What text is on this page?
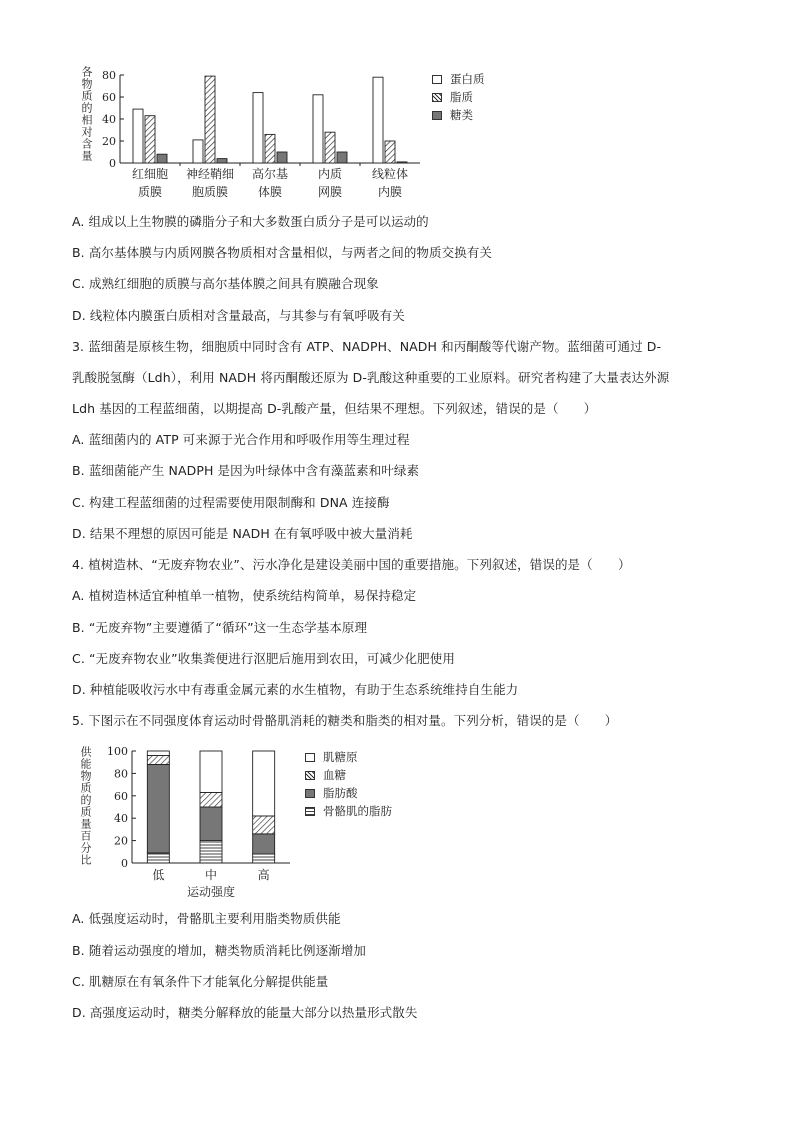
各物质的相对含量
0
20
40
60
80
红细胞
质膜
神经鞘细
胞质膜
高尔基
体膜
内质
网膜
线粒体
内膜
蛋白质
脂质
糖类
A. 组成以上生物膜的磷脂分子和大多数蛋白质分子是可以运动的
B. 高尔基体膜与内质网膜各物质相对含量相似，与两者之间的物质交换有关
C. 成熟红细胞的质膜与高尔基体膜之间具有膜融合现象
D. 线粒体内膜蛋白质相对含量最高，与其参与有氧呼吸有关
3. 蓝细菌是原核生物，细胞质中同时含有 ATP、NADPH、NADH 和丙酮酸等代谢产物。蓝细菌可通过 D-
乳酸脱氢酶（Ldh），利用 NADH 将丙酮酸还原为 D-乳酸这种重要的工业原料。研究者构建了大量表达外源
Ldh 基因的工程蓝细菌，以期提高 D-乳酸产量，但结果不理想。下列叙述，错误的是（　　）
A. 蓝细菌内的 ATP 可来源于光合作用和呼吸作用等生理过程
B. 蓝细菌能产生 NADPH 是因为叶绿体中含有藻蓝素和叶绿素
C. 构建工程蓝细菌的过程需要使用限制酶和 DNA 连接酶
D. 结果不理想的原因可能是 NADH 在有氧呼吸中被大量消耗
4. 植树造林、“无废弃物农业”、污水净化是建设美丽中国的重要措施。下列叙述，错误的是（　　）
A. 植树造林适宜种植单一植物，使系统结构简单，易保持稳定
B. “无废弃物”主要遵循了“循环”这一生态学基本原理
C. “无废弃物农业”收集粪便进行沤肥后施用到农田，可减少化肥使用
D. 种植能吸收污水中有毒重金属元素的水生植物，有助于生态系统维持自生能力
5. 下图示在不同强度体育运动时骨骼肌消耗的糖类和脂类的相对量。下列分析，错误的是（　　）
供能物质的质量百分比	0
20
40
60
80
100
低	中	高
运动强度
肌糖原
血糖
脂肪酸
骨骼肌的脂肪
A. 低强度运动时，骨骼肌主要利用脂类物质供能
B. 随着运动强度的增加，糖类物质消耗比例逐渐增加
C. 肌糖原在有氧条件下才能氧化分解提供能量
D. 高强度运动时，糖类分解释放的能量大部分以热量形式散失
